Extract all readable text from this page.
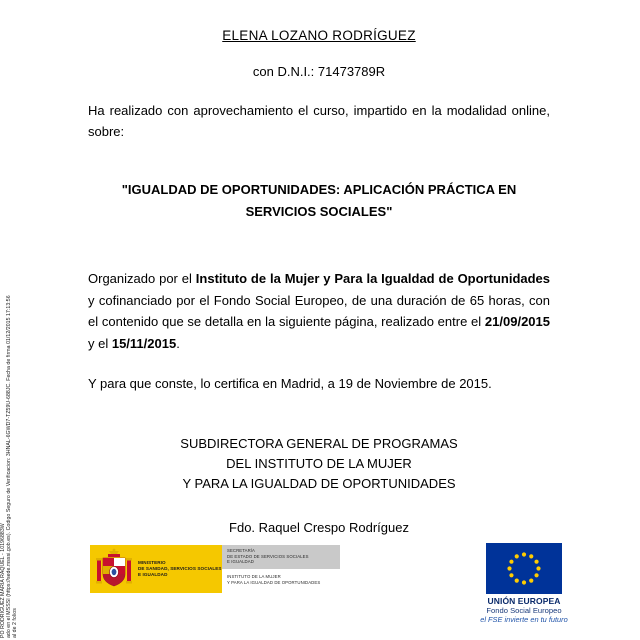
PO RODRIGUEZ MARIA RAQUEL - 10196883W ado en el MSSSI (https://sede.msssi.gob.es). Codigo Seguro de Verificacion: 3HNAL-6GWD7-TZ59U-688JC. Fecha de firma 01/12/2015 17:13:56 al de 2 folios
ELENA LOZANO RODRÍGUEZ
con D.N.I.: 71473789R
Ha realizado con aprovechamiento el curso, impartido en la modalidad online, sobre:
"IGUALDAD DE OPORTUNIDADES: APLICACIÓN PRÁCTICA EN
SERVICIOS SOCIALES"
Organizado por el Instituto de la Mujer y Para la Igualdad de Oportunidades y cofinanciado por el Fondo Social Europeo, de una duración de 65 horas, con el contenido que se detalla en la siguiente página, realizado entre el 21/09/2015 y el 15/11/2015.
Y para que conste, lo certifica en Madrid, a 19 de Noviembre de 2015.
SUBDIRECTORA GENERAL DE PROGRAMAS
DEL INSTITUTO DE LA MUJER
Y PARA LA IGUALDAD DE OPORTUNIDADES
Fdo. Raquel Crespo Rodríguez
MINISTERIO
DE SANIDAD, SERVICIOS SOCIALES
E IGUALDAD
SECRETARÍA
DE ESTADO DE SERVICIOS SOCIALES
E IGUALDAD
INSTITUTO DE LA MUJER
Y PARA LA IGUALDAD DE OPORTUNIDADES
UNIÓN EUROPEA
Fondo Social Europeo
el FSE invierte en tu futuro
